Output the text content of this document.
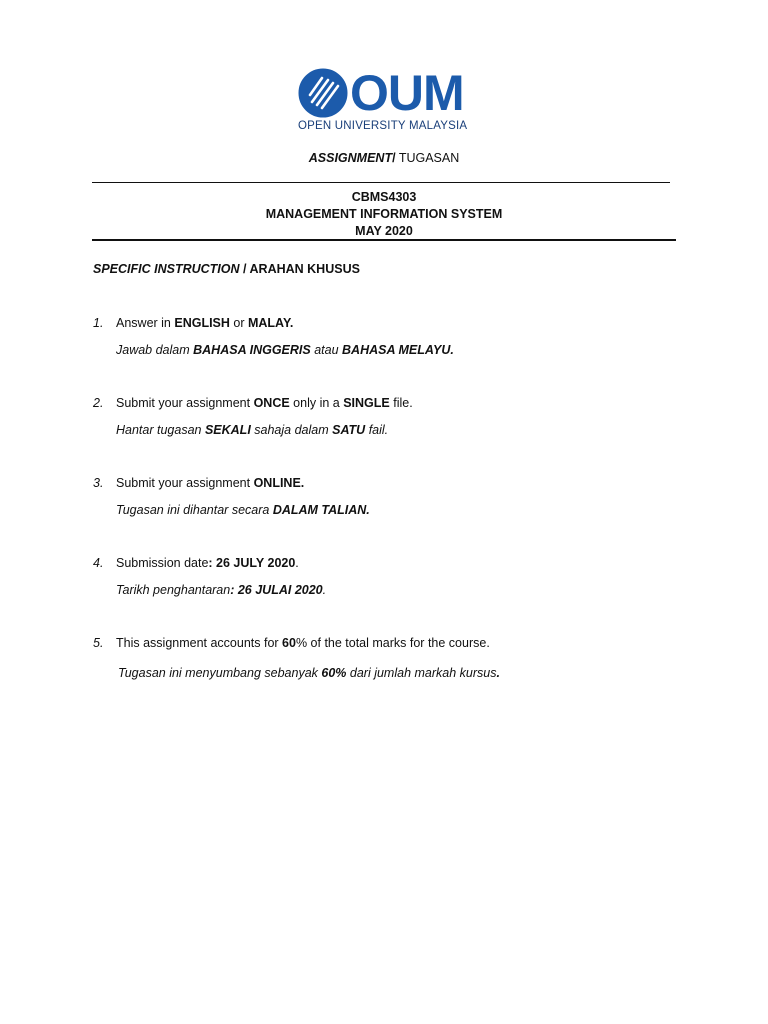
OUM
OPEN UNIVERSITY MALAYSIA
ASSIGNMENT/ TUGASAN
CBMS4303
MANAGEMENT INFORMATION SYSTEM
MAY 2020
SPECIFIC INSTRUCTION / ARAHAN KHUSUS
1. Answer in ENGLISH or MALAY.
Jawab dalam BAHASA INGGERIS atau BAHASA MELAYU.
2. Submit your assignment ONCE only in a SINGLE file.
Hantar tugasan SEKALI sahaja dalam SATU fail.
3. Submit your assignment ONLINE.
Tugasan ini dihantar secara DALAM TALIAN.
4. Submission date: 26 JULY 2020.
Tarikh penghantaran: 26 JULAI 2020.
5. This assignment accounts for 60% of the total marks for the course.
Tugasan ini menyumbang sebanyak 60% dari jumlah markah kursus.
